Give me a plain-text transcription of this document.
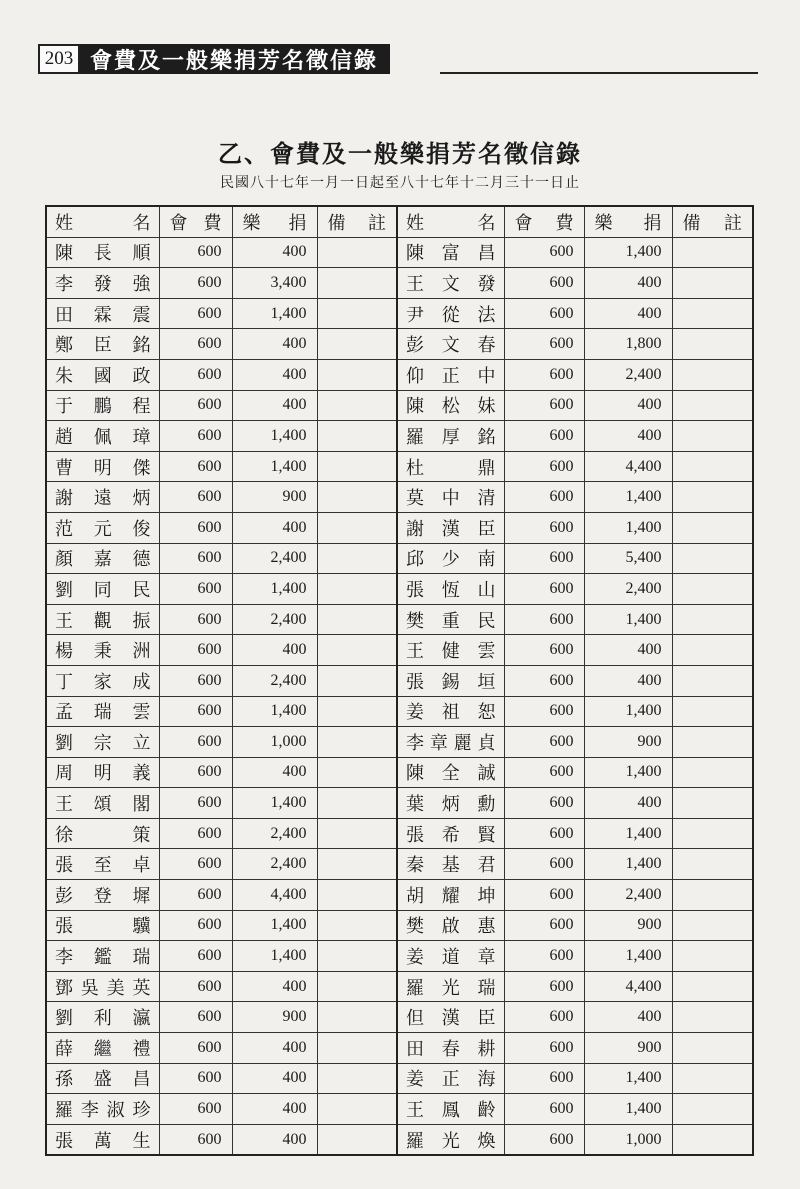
203 會費及一般樂捐芳名徵信錄
乙、會費及一般樂捐芳名徵信錄
民國八十七年一月一日起至八十七年十二月三十一日止
姓名	會費	樂捐	備註	姓名	會費	樂捐	備註
陳長順	600	400		陳富昌	600	1,400	
李發強	600	3,400		王文發	600	400	
田霖震	600	1,400		尹從法	600	400	
鄭臣銘	600	400		彭文春	600	1,800	
朱國政	600	400		仰正中	600	2,400	
于鵬程	600	400		陳松妹	600	400	
趙佩璋	600	1,400		羅厚銘	600	400	
曹明傑	600	1,400		杜鼎	600	4,400	
謝遠炳	600	900		莫中清	600	1,400	
范元俊	600	400		謝漢臣	600	1,400	
顏嘉德	600	2,400		邱少南	600	5,400	
劉同民	600	1,400		張恆山	600	2,400	
王觀振	600	2,400		樊重民	600	1,400	
楊秉洲	600	400		王健雲	600	400	
丁家成	600	2,400		張錫垣	600	400	
孟瑞雲	600	1,400		姜祖恕	600	1,400	
劉宗立	600	1,000		李章麗貞	600	900	
周明義	600	400		陳全誠	600	1,400	
王頌閣	600	1,400		葉炳勳	600	400	
徐策	600	2,400		張希賢	600	1,400	
張至卓	600	2,400		秦基君	600	1,400	
彭登墀	600	4,400		胡耀坤	600	2,400	
張驥	600	1,400		樊啟惠	600	900	
李鑑瑞	600	1,400		姜道章	600	1,400	
鄧吳美英	600	400		羅光瑞	600	4,400	
劉利瀛	600	900		但漢臣	600	400	
薛繼禮	600	400		田春耕	600	900	
孫盛昌	600	400		姜正海	600	1,400	
羅李淑珍	600	400		王鳳齡	600	1,400	
張萬生	600	400		羅光煥	600	1,000	
